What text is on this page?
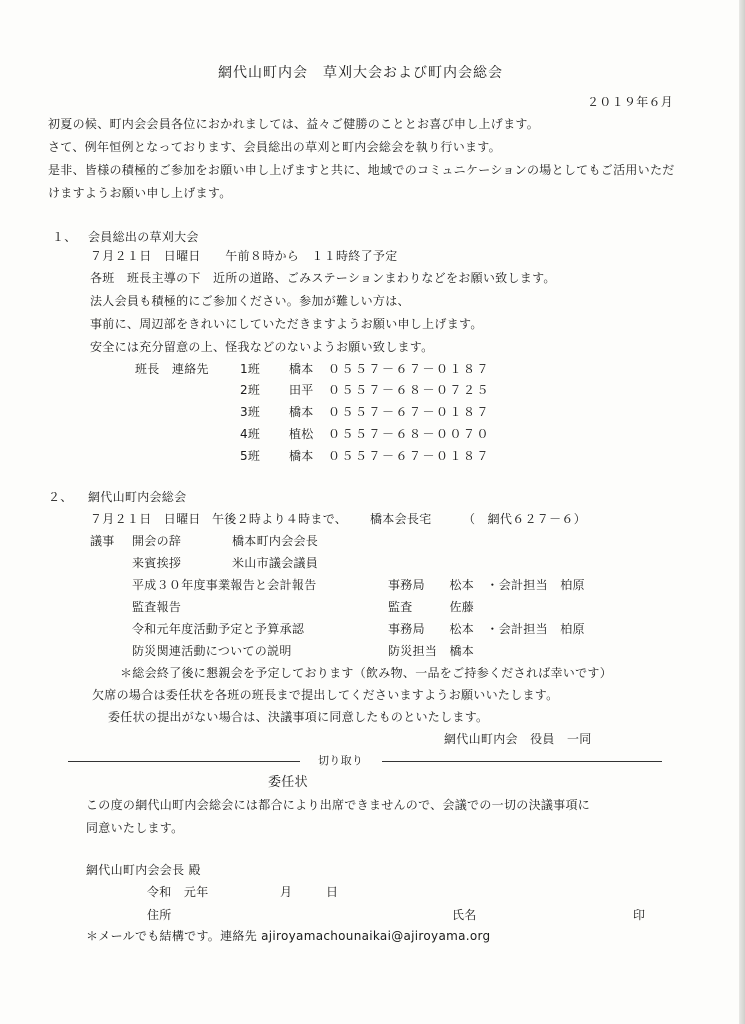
網代山町内会　草刈大会および町内会総会
２０１９年６月
初夏の候、町内会会員各位におかれましては、益々ご健勝のこととお喜び申し上げます。
さて、例年恒例となっております、会員総出の草刈と町内会総会を執り行います。
是非、皆様の積極的ご参加をお願い申し上げますと共に、地域でのコミュニケーションの場としてもご活用いただ
けますようお願い申し上げます。
１、 会員総出の草刈大会
７月２１日　日曜日　　午前８時から　１１時終了予定
各班　班長主導の下　近所の道路、ごみステーションまわりなどをお願い致します。
法人会員も積極的にご参加ください。参加が難しい方は、
事前に、周辺部をきれいにしていただきますようお願い申し上げます。
安全には充分留意の上、怪我などのないようお願い致します。
班長　連絡先	1班 橋本 ０５５７－６７－０１８７
2班 田平 ０５５７－６８－０７２５
3班 橋本 ０５５７－６７－０１８７
4班 植松 ０５５７－６８－００７０
5班 橋本 ０５５７－６７－０１８７
２、 網代山町内会総会
７月２１日　日曜日 午後２時より４時まで、 橋本会長宅	（　網代６２７－６）
議事 開会の辞	橋本町内会会長
来賓挨拶	米山市議会議員
平成３０年度事業報告と会計報告	事務局　　松本　・会計担当　柏原
監査報告	監査　　　佐藤
令和元年度活動予定と予算承認	事務局　　松本　・会計担当　柏原
防災関連活動についての説明	防災担当　橋本
＊総会終了後に懇親会を予定しております（飲み物、一品をご持参くだされば幸いです）
欠席の場合は委任状を各班の班長まで提出してくださいますようお願いいたします。
委任状の提出がない場合は、決議事項に同意したものといたします。
網代山町内会　役員　一同
切り取り
委任状
この度の網代山町内会総会には都合により出席できませんので、会議での一切の決議事項に
同意いたします。
網代山町内会会長 殿
令和　元年	月	日
住所	氏名	印
＊メールでも結構です。連絡先 ajiroyamachounaikai@ajiroyama.org
